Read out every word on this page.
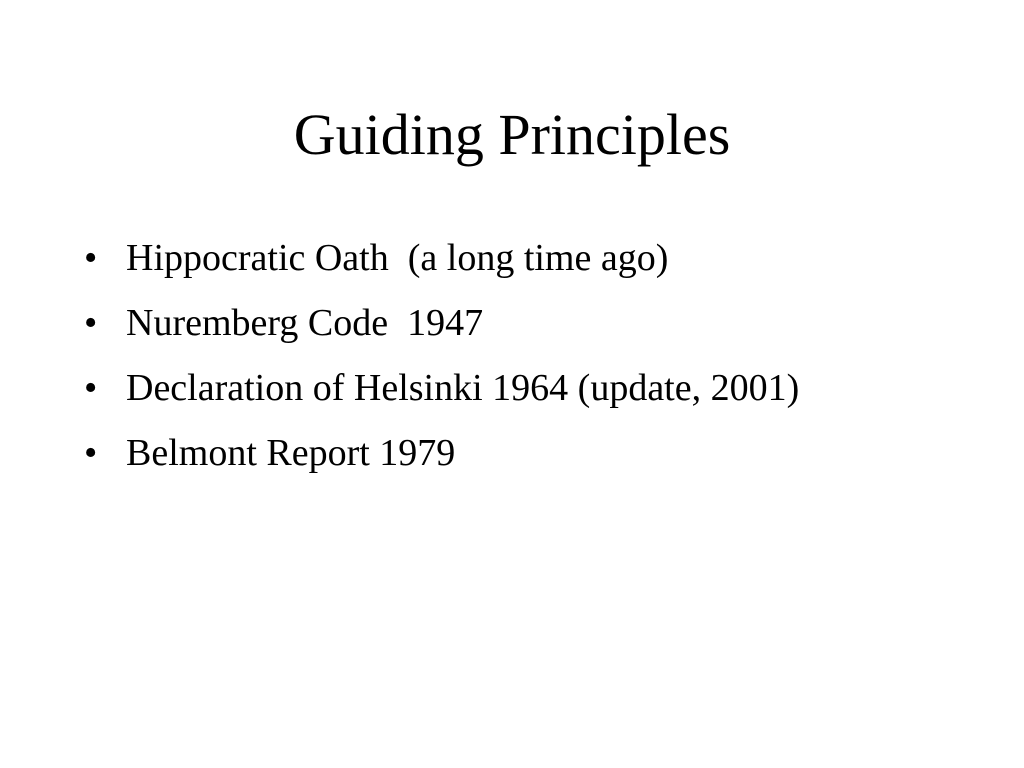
Guiding Principles
• Hippocratic Oath  (a long time ago)
• Nuremberg Code  1947
• Declaration of Helsinki 1964 (update, 2001)
• Belmont Report 1979
